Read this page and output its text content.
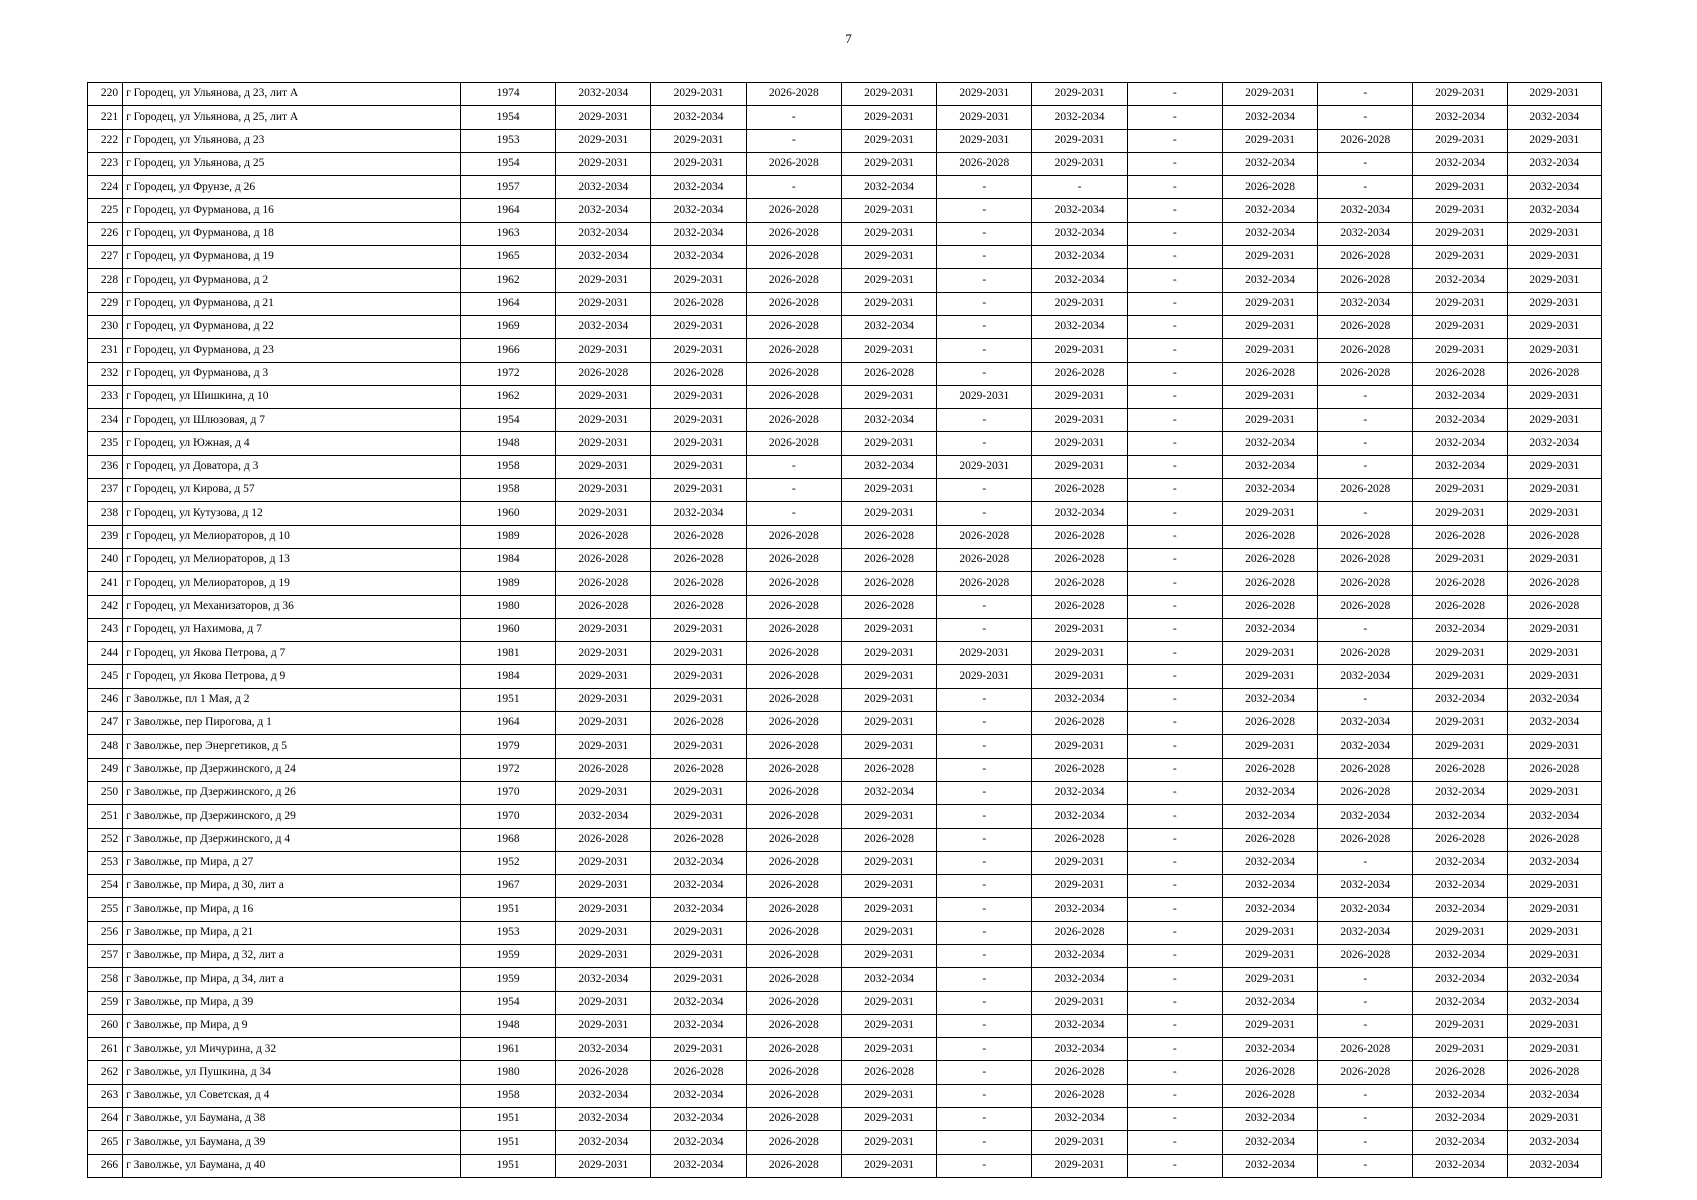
7
220	г Городец, ул Ульянова, д 23, лит А	1974	2032-2034	2029-2031	2026-2028	2029-2031	2029-2031	2029-2031	-	2029-2031	-	2029-2031	2029-2031
221	г Городец, ул Ульянова, д 25, лит А	1954	2029-2031	2032-2034	-	2029-2031	2029-2031	2032-2034	-	2032-2034	-	2032-2034	2032-2034
222	г Городец, ул Ульянова, д 23	1953	2029-2031	2029-2031	-	2029-2031	2029-2031	2029-2031	-	2029-2031	2026-2028	2029-2031	2029-2031
223	г Городец, ул Ульянова, д 25	1954	2029-2031	2029-2031	2026-2028	2029-2031	2026-2028	2029-2031	-	2032-2034	-	2032-2034	2032-2034
224	г Городец, ул Фрунзе, д 26	1957	2032-2034	2032-2034	-	2032-2034	-	-	-	2026-2028	-	2029-2031	2032-2034
225	г Городец, ул Фурманова, д 16	1964	2032-2034	2032-2034	2026-2028	2029-2031	-	2032-2034	-	2032-2034	2032-2034	2029-2031	2032-2034
226	г Городец, ул Фурманова, д 18	1963	2032-2034	2032-2034	2026-2028	2029-2031	-	2032-2034	-	2032-2034	2032-2034	2029-2031	2029-2031
227	г Городец, ул Фурманова, д 19	1965	2032-2034	2032-2034	2026-2028	2029-2031	-	2032-2034	-	2029-2031	2026-2028	2029-2031	2029-2031
228	г Городец, ул Фурманова, д 2	1962	2029-2031	2029-2031	2026-2028	2029-2031	-	2032-2034	-	2032-2034	2026-2028	2032-2034	2029-2031
229	г Городец, ул Фурманова, д 21	1964	2029-2031	2026-2028	2026-2028	2029-2031	-	2029-2031	-	2029-2031	2032-2034	2029-2031	2029-2031
230	г Городец, ул Фурманова, д 22	1969	2032-2034	2029-2031	2026-2028	2032-2034	-	2032-2034	-	2029-2031	2026-2028	2029-2031	2029-2031
231	г Городец, ул Фурманова, д 23	1966	2029-2031	2029-2031	2026-2028	2029-2031	-	2029-2031	-	2029-2031	2026-2028	2029-2031	2029-2031
232	г Городец, ул Фурманова, д 3	1972	2026-2028	2026-2028	2026-2028	2026-2028	-	2026-2028	-	2026-2028	2026-2028	2026-2028	2026-2028
233	г Городец, ул Шишкина, д 10	1962	2029-2031	2029-2031	2026-2028	2029-2031	2029-2031	2029-2031	-	2029-2031	-	2032-2034	2029-2031
234	г Городец, ул Шлюзовая, д 7	1954	2029-2031	2029-2031	2026-2028	2032-2034	-	2029-2031	-	2029-2031	-	2032-2034	2029-2031
235	г Городец, ул Южная, д 4	1948	2029-2031	2029-2031	2026-2028	2029-2031	-	2029-2031	-	2032-2034	-	2032-2034	2032-2034
236	г Городец, ул Доватора, д 3	1958	2029-2031	2029-2031	-	2032-2034	2029-2031	2029-2031	-	2032-2034	-	2032-2034	2029-2031
237	г Городец, ул Кирова, д 57	1958	2029-2031	2029-2031	-	2029-2031	-	2026-2028	-	2032-2034	2026-2028	2029-2031	2029-2031
238	г Городец, ул Кутузова, д 12	1960	2029-2031	2032-2034	-	2029-2031	-	2032-2034	-	2029-2031	-	2029-2031	2029-2031
239	г Городец, ул Мелиораторов, д 10	1989	2026-2028	2026-2028	2026-2028	2026-2028	2026-2028	2026-2028	-	2026-2028	2026-2028	2026-2028	2026-2028
240	г Городец, ул Мелиораторов, д 13	1984	2026-2028	2026-2028	2026-2028	2026-2028	2026-2028	2026-2028	-	2026-2028	2026-2028	2029-2031	2029-2031
241	г Городец, ул Мелиораторов, д 19	1989	2026-2028	2026-2028	2026-2028	2026-2028	2026-2028	2026-2028	-	2026-2028	2026-2028	2026-2028	2026-2028
242	г Городец, ул Механизаторов, д 36	1980	2026-2028	2026-2028	2026-2028	2026-2028	-	2026-2028	-	2026-2028	2026-2028	2026-2028	2026-2028
243	г Городец, ул Нахимова, д 7	1960	2029-2031	2029-2031	2026-2028	2029-2031	-	2029-2031	-	2032-2034	-	2032-2034	2029-2031
244	г Городец, ул Якова Петрова, д 7	1981	2029-2031	2029-2031	2026-2028	2029-2031	2029-2031	2029-2031	-	2029-2031	2026-2028	2029-2031	2029-2031
245	г Городец, ул Якова Петрова, д 9	1984	2029-2031	2029-2031	2026-2028	2029-2031	2029-2031	2029-2031	-	2029-2031	2032-2034	2029-2031	2029-2031
246	г Заволжье, пл 1 Мая, д 2	1951	2029-2031	2029-2031	2026-2028	2029-2031	-	2032-2034	-	2032-2034	-	2032-2034	2032-2034
247	г Заволжье, пер Пирогова, д 1	1964	2029-2031	2026-2028	2026-2028	2029-2031	-	2026-2028	-	2026-2028	2032-2034	2029-2031	2032-2034
248	г Заволжье, пер Энергетиков, д 5	1979	2029-2031	2029-2031	2026-2028	2029-2031	-	2029-2031	-	2029-2031	2032-2034	2029-2031	2029-2031
249	г Заволжье, пр Дзержинского, д 24	1972	2026-2028	2026-2028	2026-2028	2026-2028	-	2026-2028	-	2026-2028	2026-2028	2026-2028	2026-2028
250	г Заволжье, пр Дзержинского, д 26	1970	2029-2031	2029-2031	2026-2028	2032-2034	-	2032-2034	-	2032-2034	2026-2028	2032-2034	2029-2031
251	г Заволжье, пр Дзержинского, д 29	1970	2032-2034	2029-2031	2026-2028	2029-2031	-	2032-2034	-	2032-2034	2032-2034	2032-2034	2032-2034
252	г Заволжье, пр Дзержинского, д 4	1968	2026-2028	2026-2028	2026-2028	2026-2028	-	2026-2028	-	2026-2028	2026-2028	2026-2028	2026-2028
253	г Заволжье, пр Мира, д 27	1952	2029-2031	2032-2034	2026-2028	2029-2031	-	2029-2031	-	2032-2034	-	2032-2034	2032-2034
254	г Заволжье, пр Мира, д 30, лит а	1967	2029-2031	2032-2034	2026-2028	2029-2031	-	2029-2031	-	2032-2034	2032-2034	2032-2034	2029-2031
255	г Заволжье, пр Мира, д 16	1951	2029-2031	2032-2034	2026-2028	2029-2031	-	2032-2034	-	2032-2034	2032-2034	2032-2034	2029-2031
256	г Заволжье, пр Мира, д 21	1953	2029-2031	2029-2031	2026-2028	2029-2031	-	2026-2028	-	2029-2031	2032-2034	2029-2031	2029-2031
257	г Заволжье, пр Мира, д 32, лит а	1959	2029-2031	2029-2031	2026-2028	2029-2031	-	2032-2034	-	2029-2031	2026-2028	2032-2034	2029-2031
258	г Заволжье, пр Мира, д 34, лит а	1959	2032-2034	2029-2031	2026-2028	2032-2034	-	2032-2034	-	2029-2031	-	2032-2034	2032-2034
259	г Заволжье, пр Мира, д 39	1954	2029-2031	2032-2034	2026-2028	2029-2031	-	2029-2031	-	2032-2034	-	2032-2034	2032-2034
260	г Заволжье, пр Мира, д 9	1948	2029-2031	2032-2034	2026-2028	2029-2031	-	2032-2034	-	2029-2031	-	2029-2031	2029-2031
261	г Заволжье, ул Мичурина, д 32	1961	2032-2034	2029-2031	2026-2028	2029-2031	-	2032-2034	-	2032-2034	2026-2028	2029-2031	2029-2031
262	г Заволжье, ул Пушкина, д 34	1980	2026-2028	2026-2028	2026-2028	2026-2028	-	2026-2028	-	2026-2028	2026-2028	2026-2028	2026-2028
263	г Заволжье, ул Советская, д 4	1958	2032-2034	2032-2034	2026-2028	2029-2031	-	2026-2028	-	2026-2028	-	2032-2034	2032-2034
264	г Заволжье, ул Баумана, д 38	1951	2032-2034	2032-2034	2026-2028	2029-2031	-	2032-2034	-	2032-2034	-	2032-2034	2029-2031
265	г Заволжье, ул Баумана, д 39	1951	2032-2034	2032-2034	2026-2028	2029-2031	-	2029-2031	-	2032-2034	-	2032-2034	2032-2034
266	г Заволжье, ул Баумана, д 40	1951	2029-2031	2032-2034	2026-2028	2029-2031	-	2029-2031	-	2032-2034	-	2032-2034	2032-2034
